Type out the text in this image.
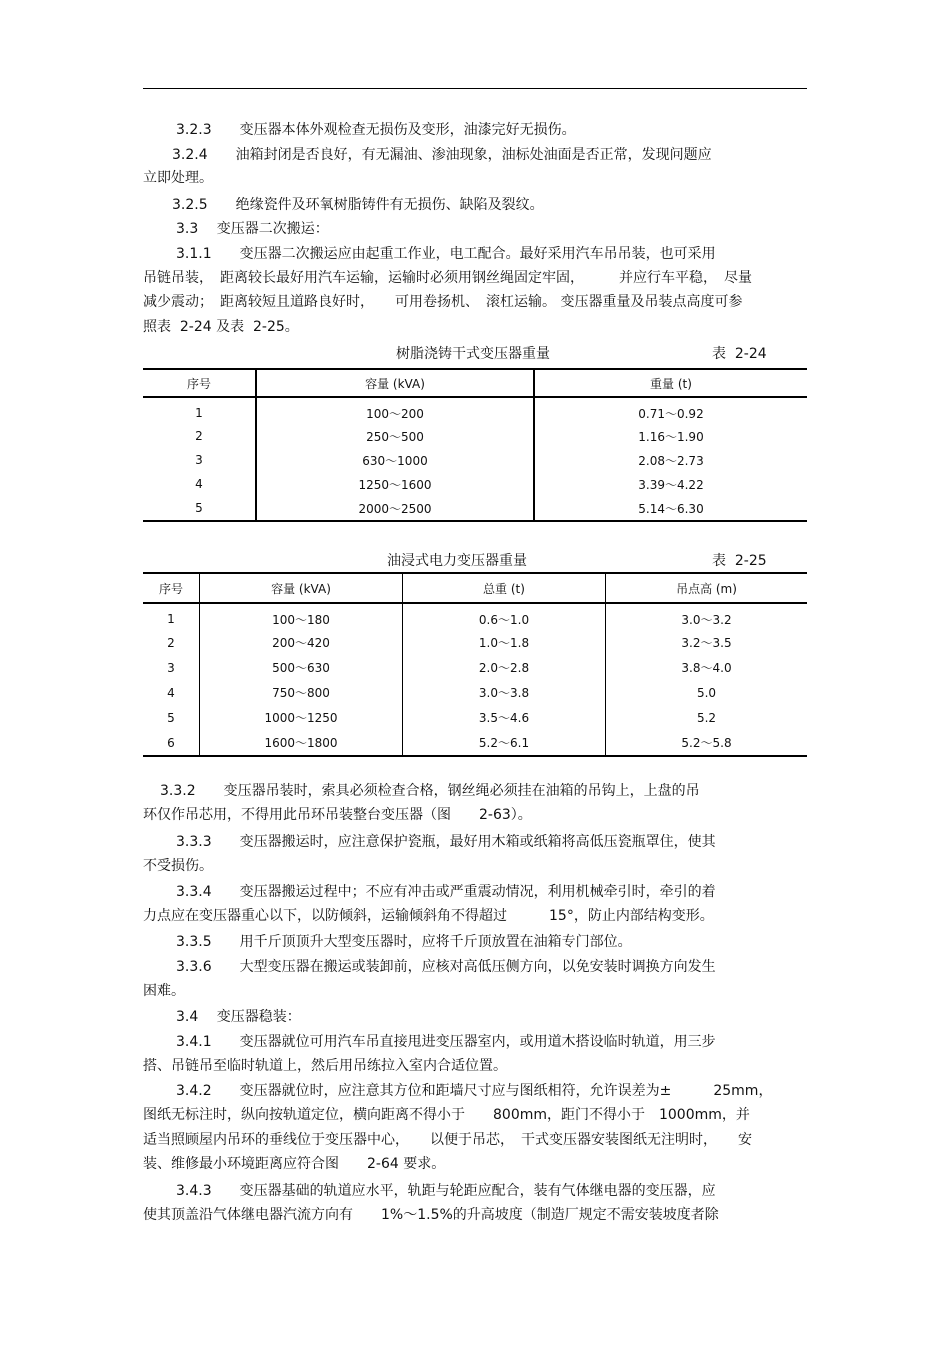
3.2.3　　变压器本体外观检查无损伤及变形，油漆完好无损伤。
3.2.4　　油箱封闭是否良好，有无漏油、渗油现象，油标处油面是否正常，发现问题应
立即处理。
3.2.5　　绝缘瓷件及环氧树脂铸件有无损伤、缺陷及裂纹。
3.3　 变压器二次搬运：
3.1.1　　变压器二次搬运应由起重工作业，电工配合。最好采用汽车吊吊装，也可采用
吊链吊装，　距离较长最好用汽车运输，运输时必须用钢丝绳固定牢固，　　　并应行车平稳，　尽量
减少震动；　距离较短且道路良好时，　　可用卷扬机、　滚杠运输。 变压器重量及吊装点高度可参
照表  2-24 及表  2-25。
树脂浇铸干式变压器重量	表  2-24
序号	容量 (kVA)	重量 (t)
1	100～200	0.71～0.92
2	250～500	1.16～1.90
3	630～1000	2.08～2.73
4	1250～1600	3.39～4.22
5	2000～2500	5.14～6.30
油浸式电力变压器重量	表  2-25
序号	容量 (kVA)	总重 (t)	吊点高 (m)
1	100～180	0.6～1.0	3.0～3.2
2	200～420	1.0～1.8	3.2～3.5
3	500～630	2.0～2.8	3.8～4.0
4	750～800	3.0～3.8	5.0
5	1000～1250	3.5～4.6	5.2
6	1600～1800	5.2～6.1	5.2～5.8
3.3.2　　变压器吊装时，索具必须检查合格，钢丝绳必须挂在油箱的吊钩上，上盘的吊
环仅作吊芯用，不得用此吊环吊装整台变压器（图　　2-63）。
3.3.3　　变压器搬运时，应注意保护瓷瓶，最好用木箱或纸箱将高低压瓷瓶罩住，使其
不受损伤。
3.3.4　　变压器搬运过程中；不应有冲击或严重震动情况，利用机械牵引时，牵引的着
力点应在变压器重心以下，以防倾斜，运输倾斜角不得超过　　　15°，防止内部结构变形。
3.3.5　　用千斤顶顶升大型变压器时，应将千斤顶放置在油箱专门部位。
3.3.6　　大型变压器在搬运或装卸前，应核对高低压侧方向，以免安装时调换方向发生
困难。
3.4　 变压器稳装：
3.4.1　　变压器就位可用汽车吊直接甩进变压器室内，或用道木搭设临时轨道，用三步
搭、吊链吊至临时轨道上，然后用吊练拉入室内合适位置。
3.4.2　　变压器就位时，应注意其方位和距墙尺寸应与图纸相符，允许误差为±　　　25mm，
图纸无标注时，纵向按轨道定位，横向距离不得小于　　800mm，距门不得小于　1000mm，并
适当照顾屋内吊环的垂线位于变压器中心，　　以便于吊芯，　干式变压器安装图纸无注明时，　　安
装、维修最小环境距离应符合图　　2-64 要求。
3.4.3　　变压器基础的轨道应水平，轨距与轮距应配合，装有气体继电器的变压器，应
使其顶盖沿气体继电器汽流方向有　　1%～1.5%的升高坡度（制造厂规定不需安装坡度者除
